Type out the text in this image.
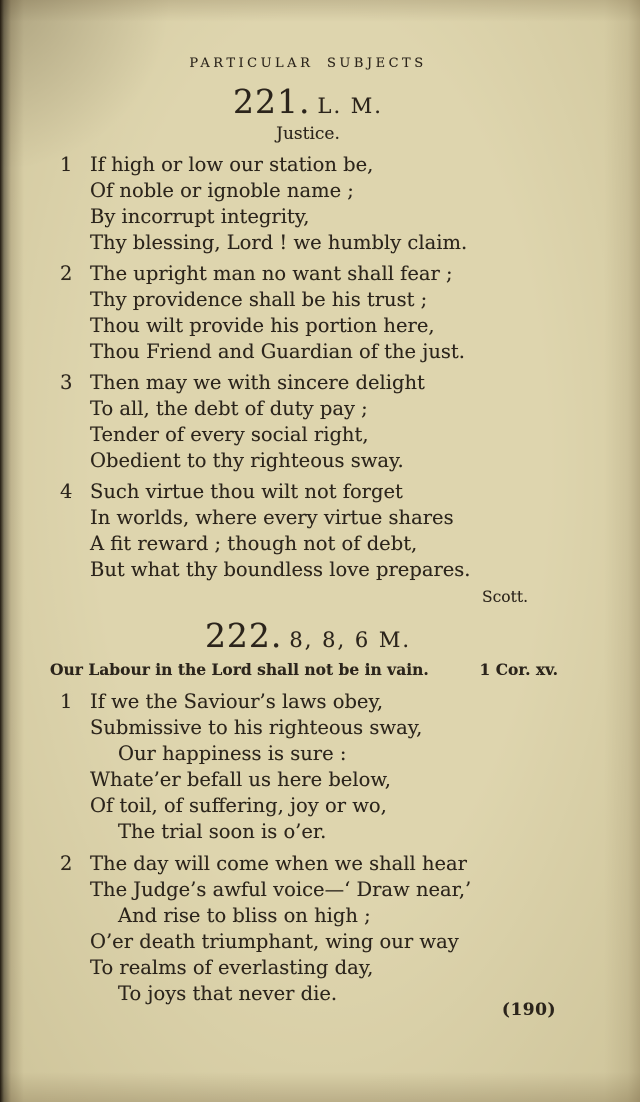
PARTICULAR SUBJECTS
221. L. M.
Justice.
1 If high or low our station be,
Of noble or ignoble name ;
By incorrupt integrity,
Thy blessing, Lord ! we humbly claim.
2 The upright man no want shall fear ;
Thy providence shall be his trust ;
Thou wilt provide his portion here,
Thou Friend and Guardian of the just.
3 Then may we with sincere delight
To all, the debt of duty pay ;
Tender of every social right,
Obedient to thy righteous sway.
4 Such virtue thou wilt not forget
In worlds, where every virtue shares
A fit reward ; though not of debt,
But what thy boundless love prepares.
Scott.
222. 8, 8, 6 M.
Our Labour in the Lord shall not be in vain.	1 Cor. xv.
1 If we the Saviour’s laws obey,
Submissive to his righteous sway,
Our happiness is sure :
Whate’er befall us here below,
Of toil, of suffering, joy or wo,
The trial soon is o’er.
2 The day will come when we shall hear
The Judge’s awful voice—‘ Draw near,’
And rise to bliss on high ;
O’er death triumphant, wing our way
To realms of everlasting day,
To joys that never die.
(190)
